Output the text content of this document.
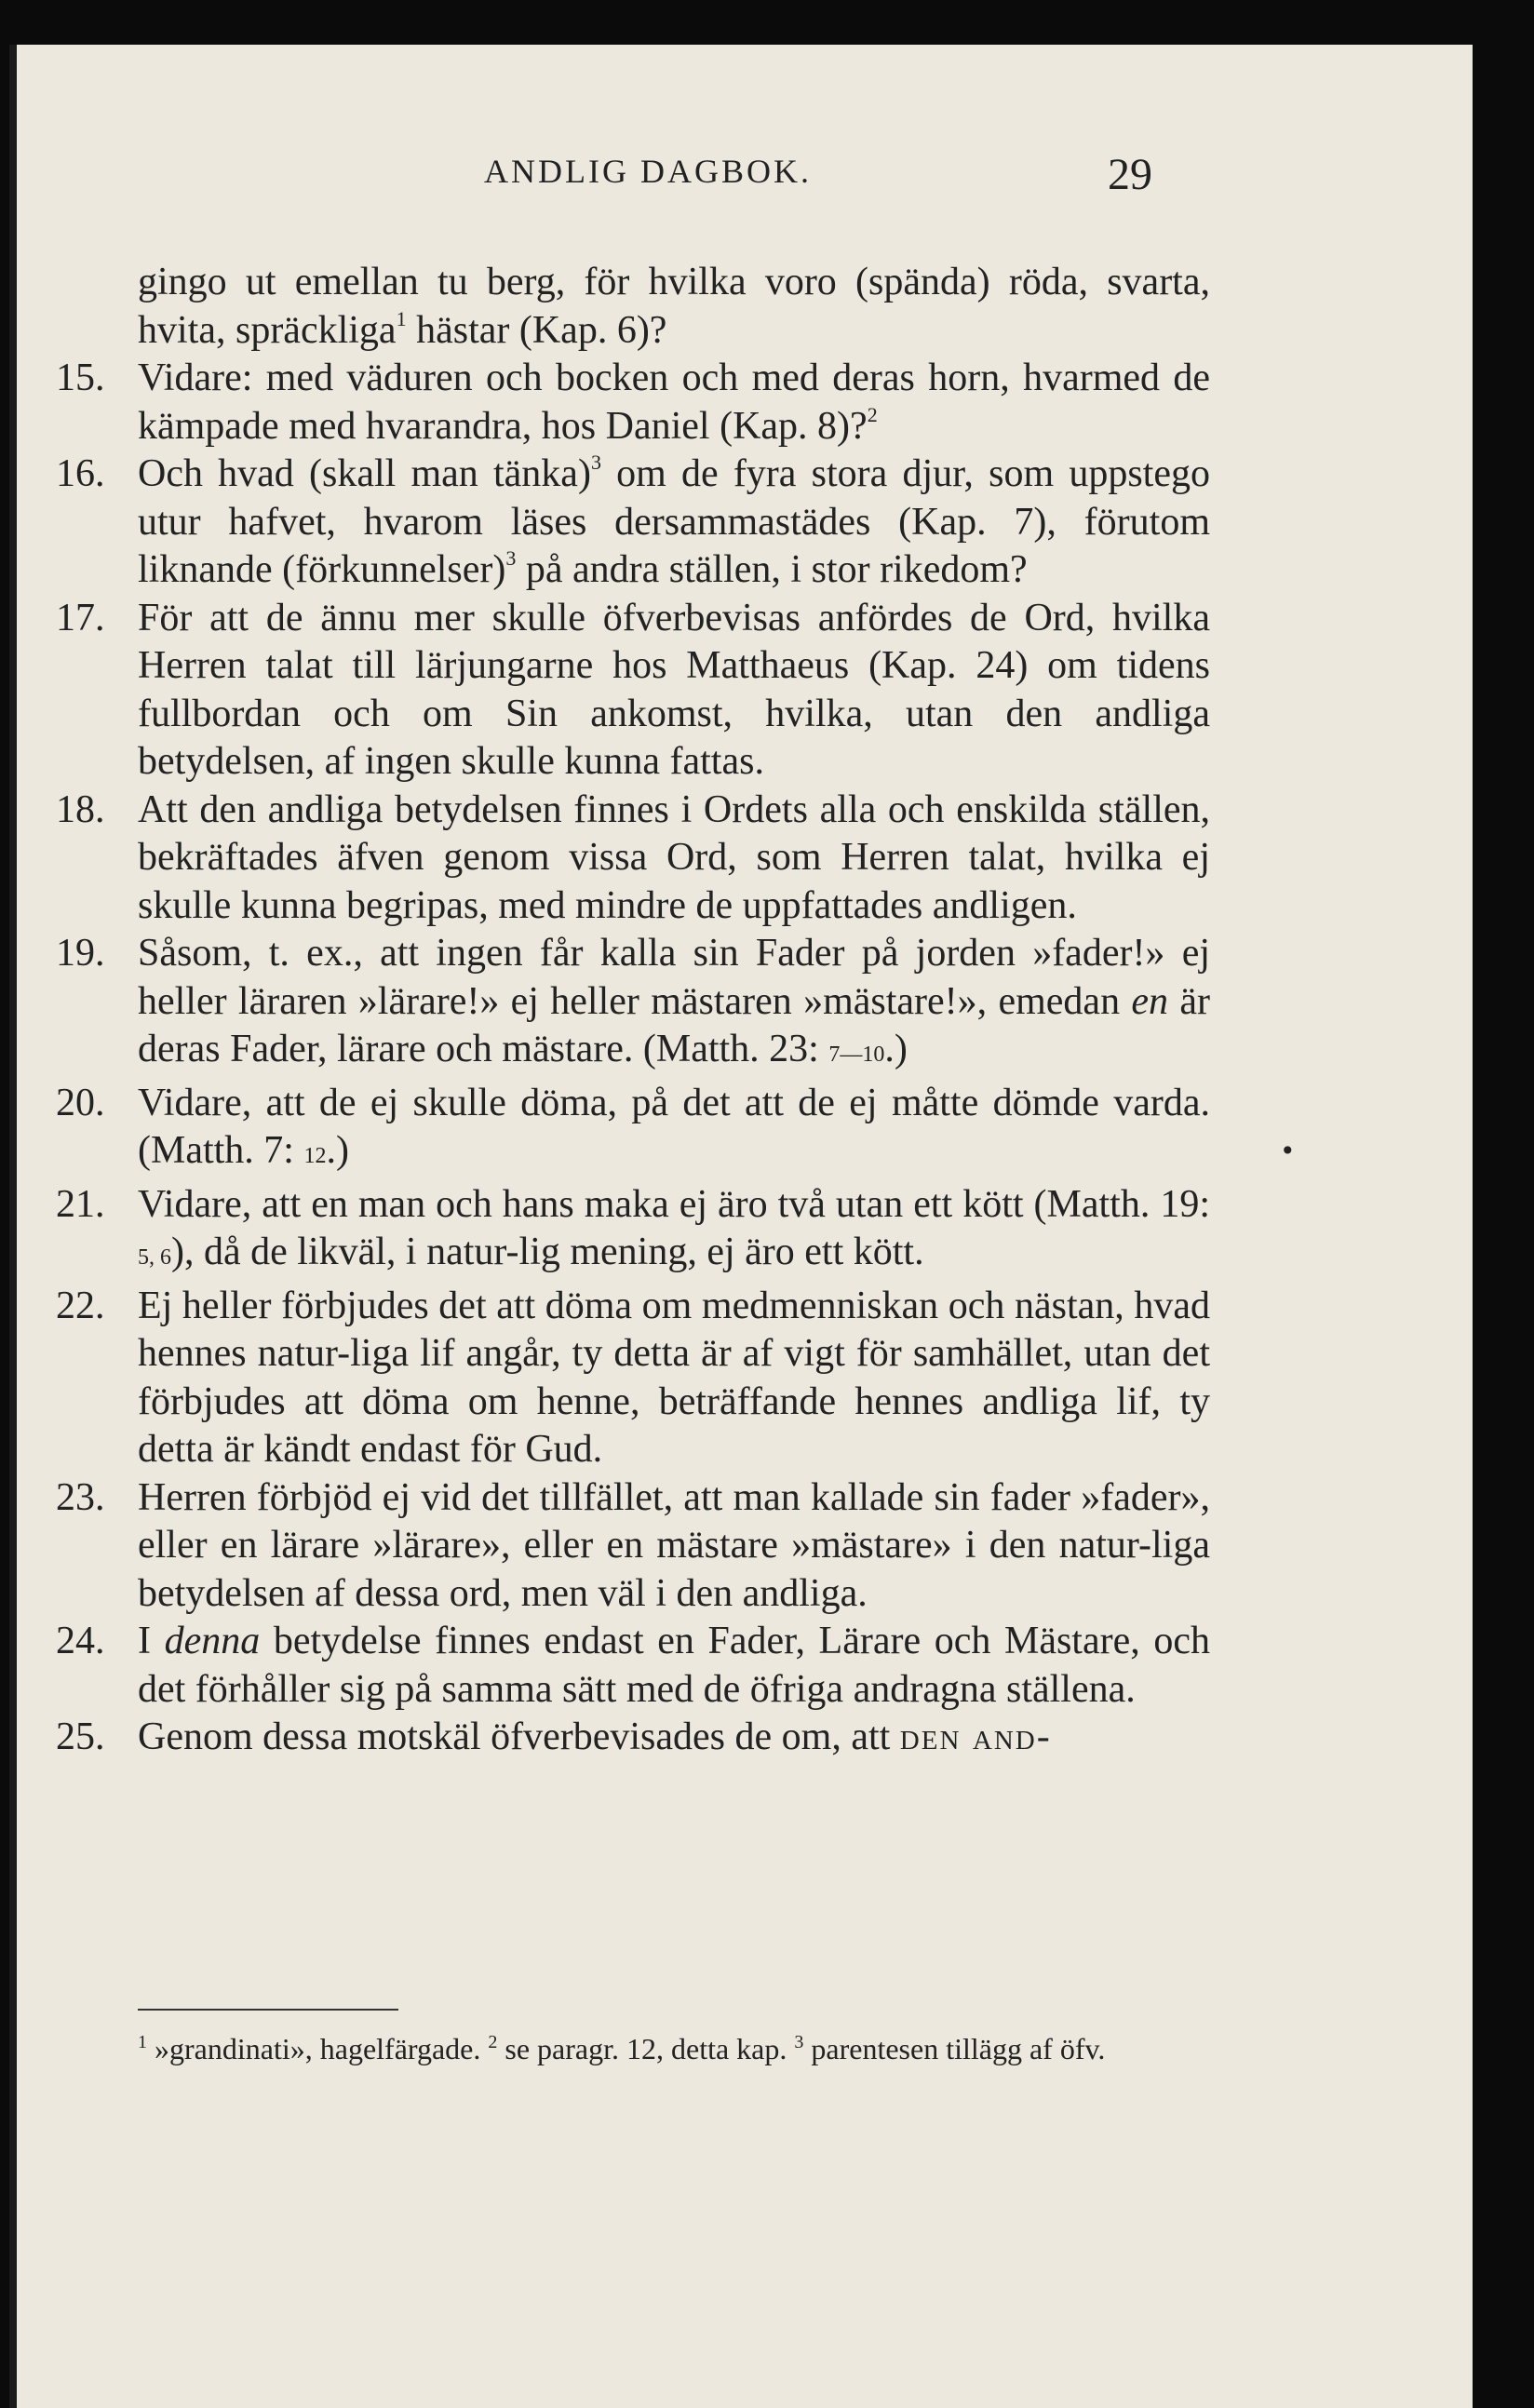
ANDLIG DAGBOK.	29
gingo ut emellan tu berg, för hvilka voro (spända) röda, svarta, hvita, spräckliga$^1$ hästar (Kap. 6)?
15. Vidare: med väduren och bocken och med deras horn, hvarmed de kämpade med hvarandra, hos Daniel (Kap. 8)?$^2$
16. Och hvad (skall man tänka)$^3$ om de fyra stora djur, som uppstego utur hafvet, hvarom läses dersammastädes (Kap. 7), förutom liknande (förkunnelser)$^3$ på andra ställen, i stor rikedom?
17. För att de ännu mer skulle öfverbevisas anfördes de Ord, hvilka Herren talat till lärjungarne hos Matthaeus (Kap. 24) om tidens fullbordan och om Sin ankomst, hvilka, utan den andliga betydelsen, af ingen skulle kunna fattas.
18. Att den andliga betydelsen finnes i Ordets alla och enskilda ställen, bekräftades äfven genom vissa Ord, som Herren talat, hvilka ej skulle kunna begripas, med mindre de uppfattades andligen.
19. Såsom, t. ex., att ingen får kalla sin Fader på jorden »fader!» ej heller läraren »lärare!» ej heller mästaren »mästare!», emedan en är deras Fader, lärare och mästare. (Matth. 23: 7—10.)
20. Vidare, att de ej skulle döma, på det att de ej måtte dömde varda. (Matth. 7: 12.)
21. Vidare, att en man och hans maka ej äro två utan ett kött (Matth. 19: 5, 6), då de likväl, i natur-lig mening, ej äro ett kött.
22. Ej heller förbjudes det att döma om medmenniskan och nästan, hvad hennes natur-liga lif angår, ty detta är af vigt för samhället, utan det förbjudes att döma om henne, beträffande hennes andliga lif, ty detta är kändt endast för Gud.
23. Herren förbjöd ej vid det tillfället, att man kallade sin fader »fader», eller en lärare »lärare», eller en mästare »mästare» i den natur-liga betydelsen af dessa ord, men väl i den andliga.
24. I denna betydelse finnes endast en Fader, Lärare och Mästare, och det förhåller sig på samma sätt med de öfriga andragna ställena.
25. Genom dessa motskäl öfverbevisades de om, att den and-
•
$^1$ »grandinati», hagelfärgade. $^2$ se paragr. 12, detta kap. $^3$ parentesen tillägg af öfv.
